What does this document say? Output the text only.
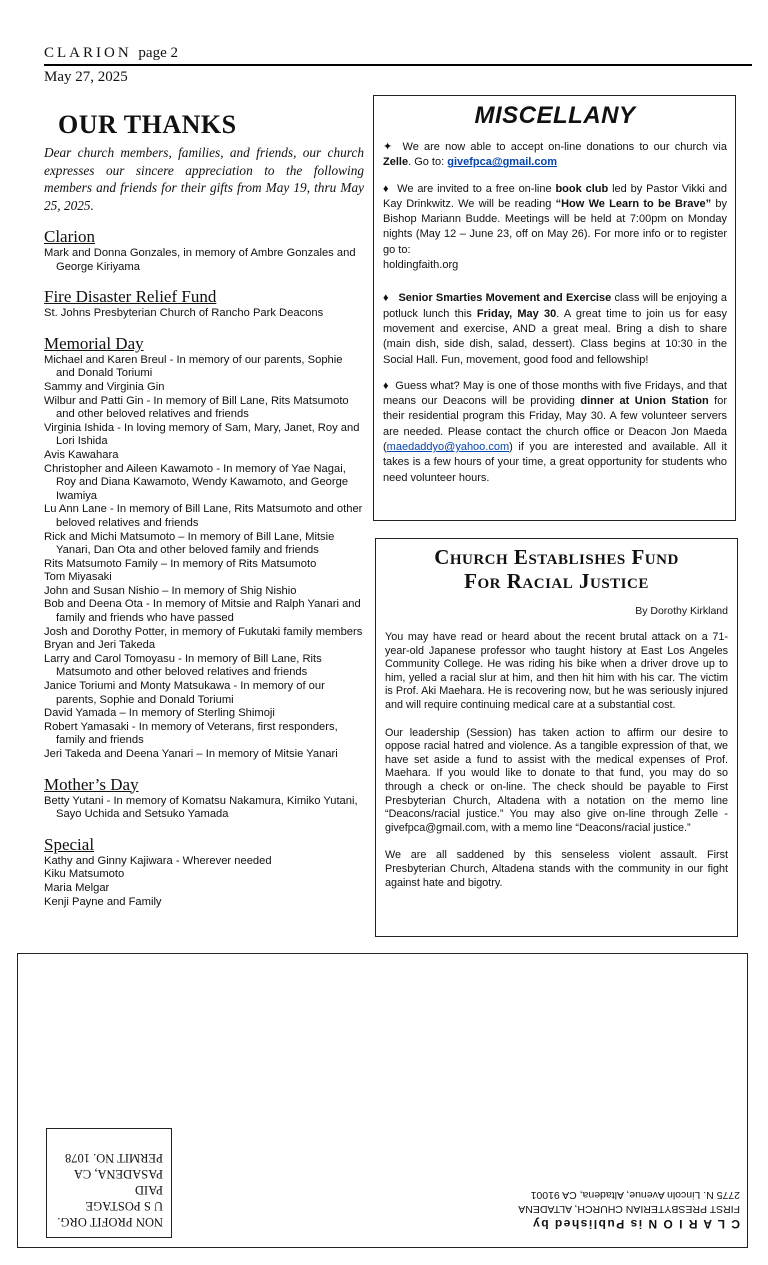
CLARION page 2
May 27, 2025
OUR THANKS

Dear church members, families, and friends, our church expresses our sincere appreciation to the following members and friends for their gifts from May 19, thru May 25, 2025.

Clarion
Mark and Donna Gonzales, in memory of Ambre Gonzales and George Kiriyama
Fire Disaster Relief Fund
St. Johns Presbyterian Church of Rancho Park Deacons
Memorial Day
Michael and Karen Breul - In memory of our parents, Sophie and Donald Toriumi
Sammy and Virginia Gin
Wilbur and Patti Gin - In memory of Bill Lane, Rits Matsumoto and other beloved relatives and friends
Virginia Ishida - In loving memory of Sam, Mary, Janet, Roy and Lori Ishida
Avis Kawahara
Christopher and Aileen Kawamoto - In memory of Yae Nagai, Roy and Diana Kawamoto, Wendy Kawamoto, and George Iwamiya
Lu Ann Lane - In memory of Bill Lane, Rits Matsumoto and other beloved relatives and friends
Rick and Michi Matsumoto – In memory of Bill Lane, Mitsie Yanari, Dan Ota and other beloved family and friends
Rits Matsumoto Family – In memory of Rits Matsumoto
Tom Miyasaki
John and Susan Nishio – In memory of Shig Nishio
Bob and Deena Ota - In memory of Mitsie and Ralph Yanari and family and friends who have passed
Josh and Dorothy Potter, in memory of Fukutaki family members
Bryan and Jeri Takeda
Larry and Carol Tomoyasu - In memory of Bill Lane, Rits Matsumoto and other beloved relatives and friends
Janice Toriumi and Monty Matsukawa - In memory of our parents, Sophie and Donald Toriumi
David Yamada – In memory of Sterling Shimoji
Robert Yamasaki - In memory of Veterans, first responders, family and friends
Jeri Takeda and Deena Yanari – In memory of Mitsie Yanari
Mother’s Day
Betty Yutani - In memory of Komatsu Nakamura, Kimiko Yutani, Sayo Uchida and Setsuko Yamada
Special
Kathy and Ginny Kajiwara - Wherever needed
Kiku Matsumoto
Maria Melgar
Kenji Payne and Family
MISCELLANY

✦ We are now able to accept on-line donations to our church via Zelle. Go to: givefpca@gmail.com

♦ We are invited to a free on-line book club led by Pastor Vikki and Kay Drinkwitz. We will be reading “How We Learn to be Brave” by Bishop Mariann Budde. Meetings will be held at 7:00pm on Monday nights (May 12 – June 23, off on May 26). For more info or to register go to:
holdingfaith.org

♦ Senior Smarties Movement and Exercise class will be enjoying a potluck lunch this Friday, May 30. A great time to join us for easy movement and exercise, AND a great meal. Bring a dish to share (main dish, side dish, salad, dessert). Class begins at 10:30 in the Social Hall. Fun, movement, good food and fellowship!

♦ Guess what? May is one of those months with five Fridays, and that means our Deacons will be providing dinner at Union Station for their residential program this Friday, May 30. A few volunteer servers are needed. Please contact the church office or Deacon Jon Maeda (maedaddyo@yahoo.com) if you are interested and available. All it takes is a few hours of your time, a great opportunity for students who need volunteer hours.

Church Establishes Fund
For Racial Justice
By Dorothy Kirkland

You may have read or heard about the recent brutal attack on a 71-year-old Japanese professor who taught history at East Los Angeles Community College. He was riding his bike when a driver drove up to him, yelled a racial slur at him, and then hit him with his car. The victim is Prof. Aki Maehara. He is recovering now, but he was seriously injured and will require continuing medical care at a substantial cost.

Our leadership (Session) has taken action to affirm our desire to oppose racial hatred and violence. As a tangible expression of that, we have set aside a fund to assist with the medical expenses of Prof. Maehara. If you would like to donate to that fund, you may do so through a check or on-line. The check should be payable to First Presbyterian Church, Altadena with a notation on the memo line “Deacons/racial justice.” You may also give on-line through Zelle - givefpca@gmail.com, with a memo line “Deacons/racial justice.”

We are all saddened by this senseless violent assault. First Presbyterian Church, Altadena stands with the community in our fight against hate and bigotry.

NON PROFIT ORG.
U S POSTAGE
PAID
PASADENA, CA
PERMIT NO. 1078
C L A R I O N is Published by
FIRST PRESBYTERIAN CHURCH, ALTADENA
2775 N. Lincoln Avenue, Altadena, CA 91001
